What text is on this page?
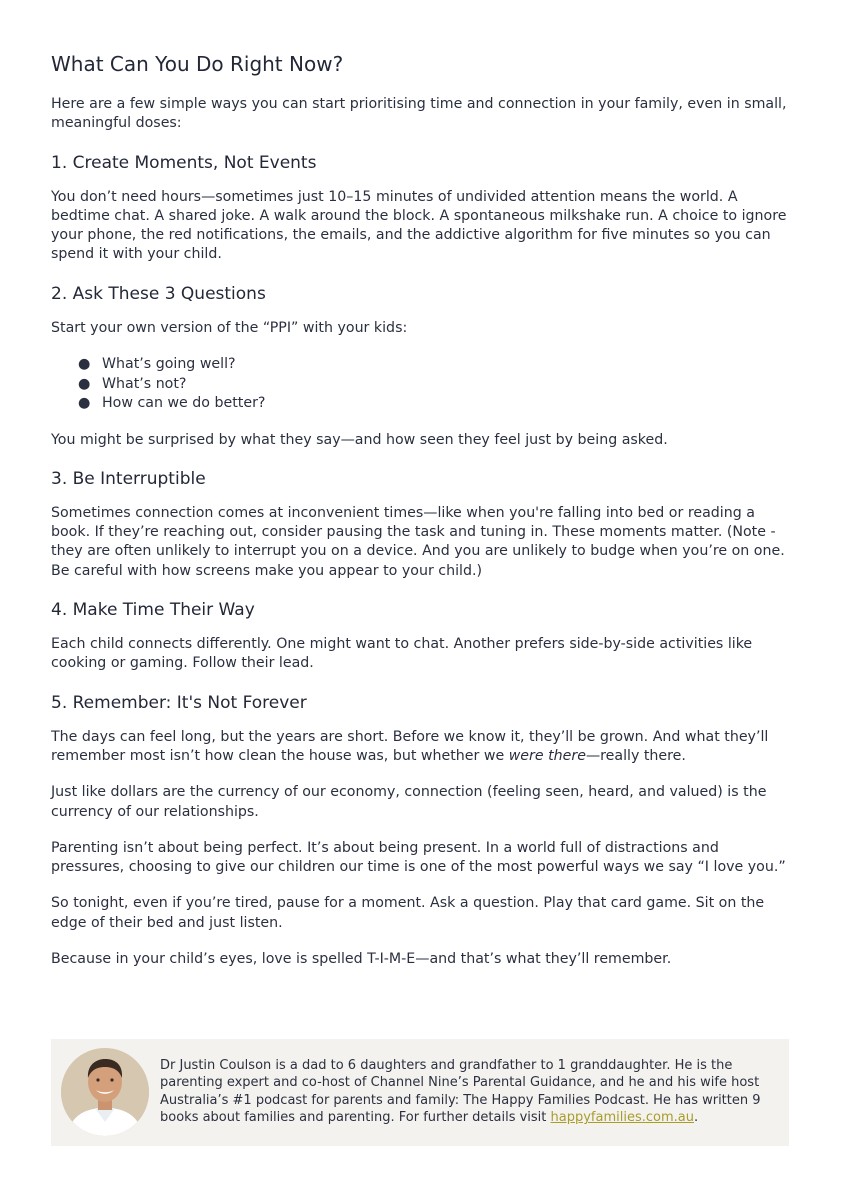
What Can You Do Right Now?

Here are a few simple ways you can start prioritising time and connection in your family, even in small, meaningful doses:

1. Create Moments, Not Events

You don’t need hours—sometimes just 10–15 minutes of undivided attention means the world. A bedtime chat. A shared joke. A walk around the block. A spontaneous milkshake run. A choice to ignore your phone, the red notifications, the emails, and the addictive algorithm for five minutes so you can spend it with your child.

2. Ask These 3 Questions

Start your own version of the “PPI” with your kids:

● What’s going well?
● What’s not?
● How can we do better?

You might be surprised by what they say—and how seen they feel just by being asked.

3. Be Interruptible

Sometimes connection comes at inconvenient times—like when you're falling into bed or reading a book. If they’re reaching out, consider pausing the task and tuning in. These moments matter. (Note - they are often unlikely to interrupt you on a device. And you are unlikely to budge when you’re on one. Be careful with how screens make you appear to your child.)

4. Make Time Their Way

Each child connects differently. One might want to chat. Another prefers side-by-side activities like cooking or gaming. Follow their lead.

5. Remember: It's Not Forever

The days can feel long, but the years are short. Before we know it, they’ll be grown. And what they’ll remember most isn’t how clean the house was, but whether we were there—really there.

Just like dollars are the currency of our economy, connection (feeling seen, heard, and valued) is the currency of our relationships.

Parenting isn’t about being perfect. It’s about being present. In a world full of distractions and pressures, choosing to give our children our time is one of the most powerful ways we say “I love you.”

So tonight, even if you’re tired, pause for a moment. Ask a question. Play that card game. Sit on the edge of their bed and just listen.

Because in your child’s eyes, love is spelled T-I-M-E—and that’s what they’ll remember.

Dr Justin Coulson is a dad to 6 daughters and grandfather to 1 granddaughter. He is the parenting expert and co-host of Channel Nine’s Parental Guidance, and he and his wife host Australia’s #1 podcast for parents and family: The Happy Families Podcast. He has written 9 books about families and parenting. For further details visit happyfamilies.com.au.
